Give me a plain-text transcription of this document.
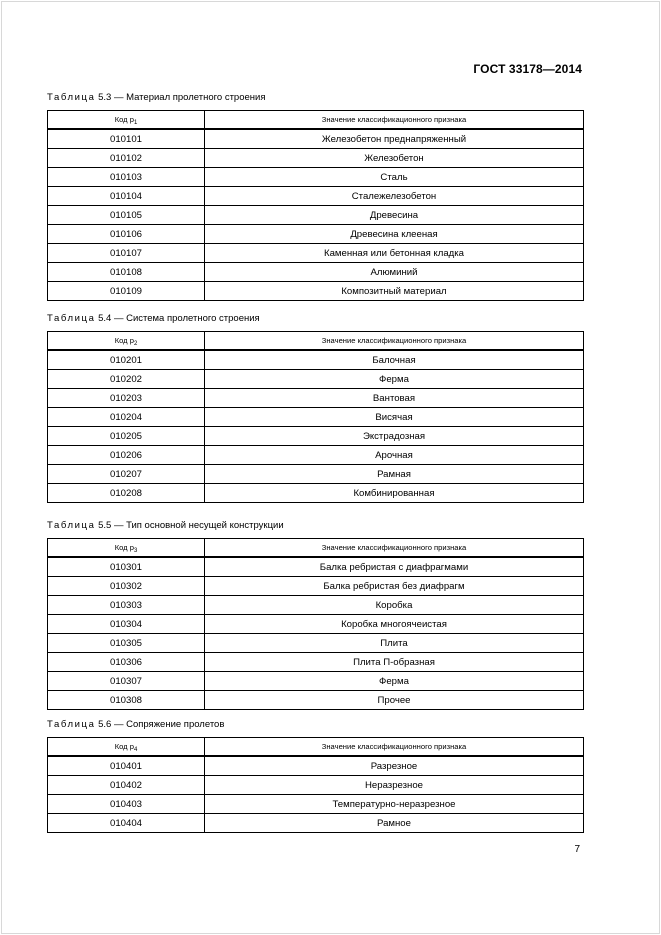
ГОСТ 33178—2014
Таблица 5.3 — Материал пролетного строения
Код $p_1$	Значение классификационного признака
010101	Железобетон преднапряженный
010102	Железобетон
010103	Сталь
010104	Сталежелезобетон
010105	Древесина
010106	Древесина клееная
010107	Каменная или бетонная кладка
010108	Алюминий
010109	Композитный материал
Таблица 5.4 — Система пролетного строения
Код $p_2$	Значение классификационного признака
010201	Балочная
010202	Ферма
010203	Вантовая
010204	Висячая
010205	Экстрадозная
010206	Арочная
010207	Рамная
010208	Комбинированная
Таблица 5.5 — Тип основной несущей конструкции
Код $p_3$	Значение классификационного признака
010301	Балка ребристая с диафрагмами
010302	Балка ребристая без диафрагм
010303	Коробка
010304	Коробка многоячеистая
010305	Плита
010306	Плита П-образная
010307	Ферма
010308	Прочее
Таблица 5.6 — Сопряжение пролетов
Код $p_4$	Значение классификационного признака
010401	Разрезное
010402	Неразрезное
010403	Температурно-неразрезное
010404	Рамное
7
